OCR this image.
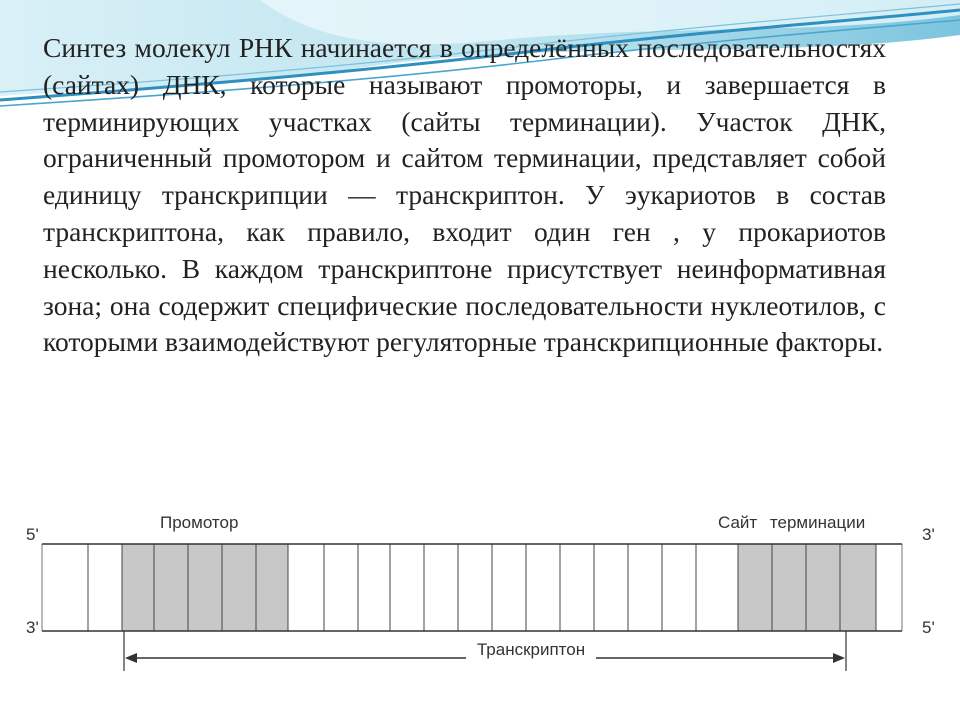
Синтез молекул РНК начинается в определённых последовательностях (сайтах) ДНК, которые называют промоторы, и завершается в терминирующих участках (сайты терминации). Участок ДНК, ограниченный промотором и сайтом терминации, представляет собой единицу транскрипции — транскриптон. У эукариотов в состав транскриптона, как правило, входит один ген , у прокариотов несколько. В каждом транскриптоне присутствует неинформативная зона; она содержит специфические последовательности нуклеотилов, с которыми взаимодействуют регуляторные транскрипционные факторы.

5'	3'
3'	5'
Промотор	Сайт терминации
Транскриптон
